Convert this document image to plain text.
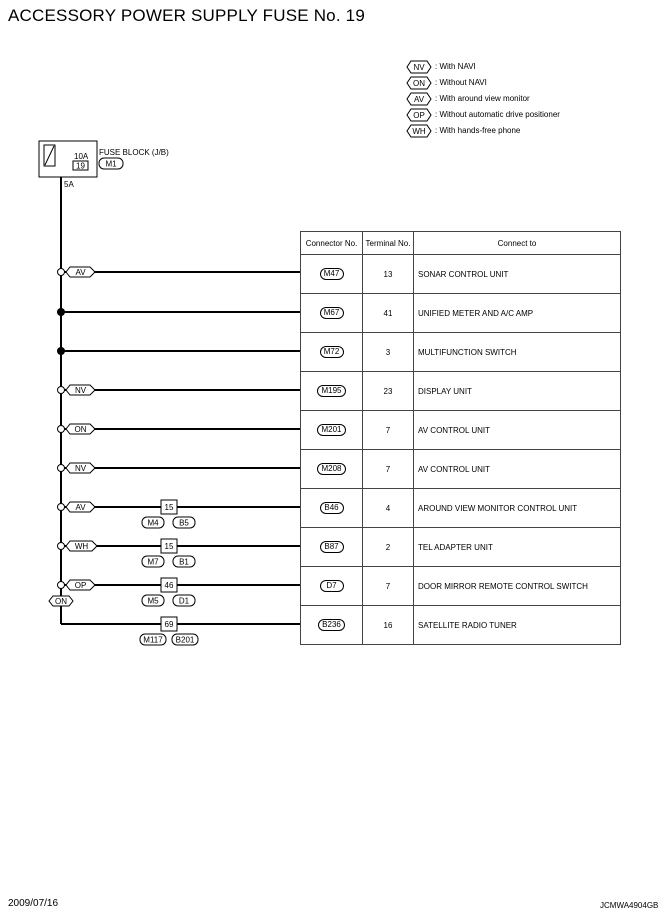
ACCESSORY POWER SUPPLY FUSE No. 19
NV : With NAVI
ON : Without NAVI
AV : With around view monitor
OP : Without automatic drive positioner
WH : With hands-free phone
10A
19
FUSE BLOCK (J/B)
M1
5A
AV
NV
ON
NV
AV	15
M4	B5
WH	15
M7	B1
OP
ON
46
M5	D1
69
M117 B201
Connector No.	Terminal No.	Connect to
M47	13	SONAR CONTROL UNIT
M67	41	UNIFIED METER AND A/C AMP
M72	3	MULTIFUNCTION SWITCH
M195	23	DISPLAY UNIT
M201	7	AV CONTROL UNIT
M208	7	AV CONTROL UNIT
B46	4	AROUND VIEW MONITOR CONTROL UNIT
B87	2	TEL ADAPTER UNIT
D7	7	DOOR MIRROR REMOTE CONTROL SWITCH
B236	16	SATELLITE RADIO TUNER
2009/07/16	JCMWA4904GB
